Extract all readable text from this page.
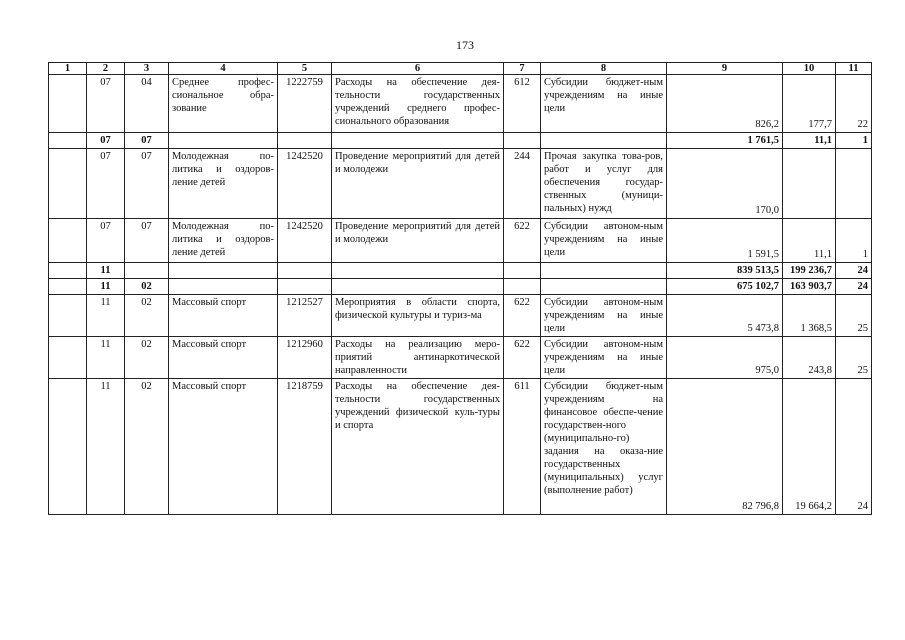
173
1	2	3	4	5	6	7	8	9	10	11
	07	04	Среднее профес-сиональное обра-зование	1222759	Расходы на обеспечение дея-тельности государственных учреждений среднего профес-сионального образования	612	Субсидии бюджет-ным учреждениям на иные цели	826,2	177,7	22
	07	07						1 761,5	11,1	1
	07	07	Молодежная по-литика и оздоров-ление детей	1242520	Проведение мероприятий для детей и молодежи	244	Прочая закупка това-ров, работ и услуг для обеспечения государ-ственных (муници-пальных) нужд	170,0		
	07	07	Молодежная по-литика и оздоров-ление детей	1242520	Проведение мероприятий для детей и молодежи	622	Субсидии автоном-ным учреждениям на иные цели	1 591,5	11,1	1
	11							839 513,5	199 236,7	24
	11	02						675 102,7	163 903,7	24
	11	02	Массовый спорт	1212527	Мероприятия в области спорта, физической культуры и туриз-ма	622	Субсидии автоном-ным учреждениям на иные цели	5 473,8	1 368,5	25
	11	02	Массовый спорт	1212960	Расходы на реализацию меро-приятий антинаркотической направленности	622	Субсидии автоном-ным учреждениям на иные цели	975,0	243,8	25
	11	02	Массовый спорт	1218759	Расходы на обеспечение дея-тельности государственных учреждений физической куль-туры и спорта	611	Субсидии бюджет-ным учреждениям на финансовое обеспе-чение государствен-ного (муниципально-го) задания на оказа-ние государственных (муниципальных) услуг (выполнение работ)	82 796,8	19 664,2	24
